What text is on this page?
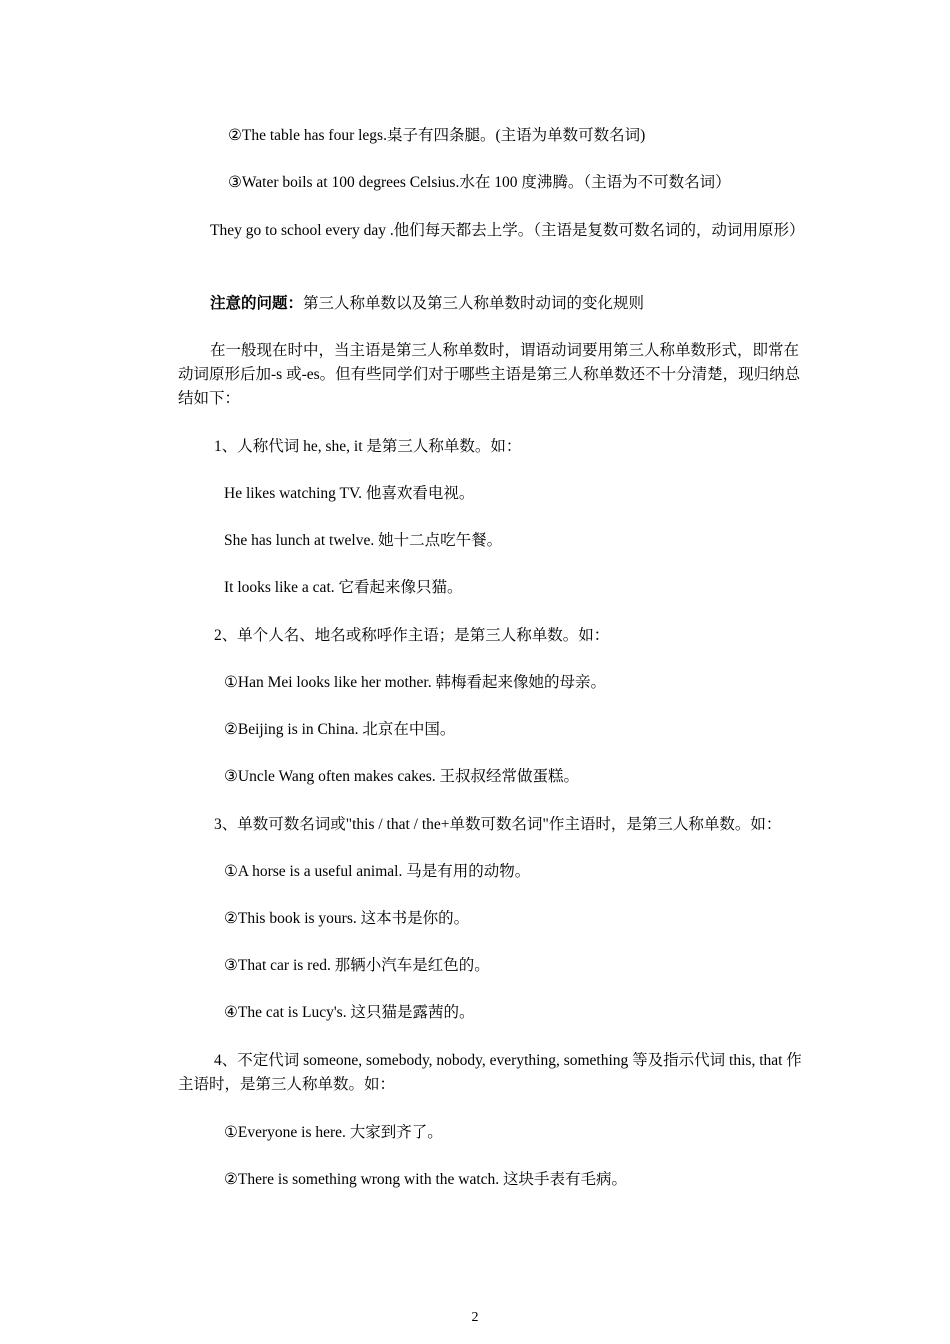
②The table has four legs.桌子有四条腿。(主语为单数可数名词)
③Water boils at 100 degrees Celsius.水在 100 度沸腾。（主语为不可数名词）
They go to school every day .他们每天都去上学。（主语是复数可数名词的，动词用原形）
注意的问题：第三人称单数以及第三人称单数时动词的变化规则
在一般现在时中，当主语是第三人称单数时，谓语动词要用第三人称单数形式，即常在动词原形后加-s 或-es。但有些同学们对于哪些主语是第三人称单数还不十分清楚，现归纳总结如下：
1、人称代词 he, she, it 是第三人称单数。如：
He likes watching TV. 他喜欢看电视。
She has lunch at twelve. 她十二点吃午餐。
It looks like a cat. 它看起来像只猫。
2、单个人名、地名或称呼作主语；是第三人称单数。如：
①Han Mei looks like her mother. 韩梅看起来像她的母亲。
②Beijing is in China. 北京在中国。
③Uncle Wang often makes cakes. 王叔叔经常做蛋糕。
3、单数可数名词或"this / that / the+单数可数名词"作主语时，是第三人称单数。如：
①A horse is a useful animal. 马是有用的动物。
②This book is yours. 这本书是你的。
③That car is red. 那辆小汽车是红色的。
④The cat is Lucy's. 这只猫是露茜的。
4、不定代词 someone, somebody, nobody, everything, something 等及指示代词 this, that 作主语时，是第三人称单数。如：
①Everyone is here. 大家到齐了。
②There is something wrong with the watch. 这块手表有毛病。
2
